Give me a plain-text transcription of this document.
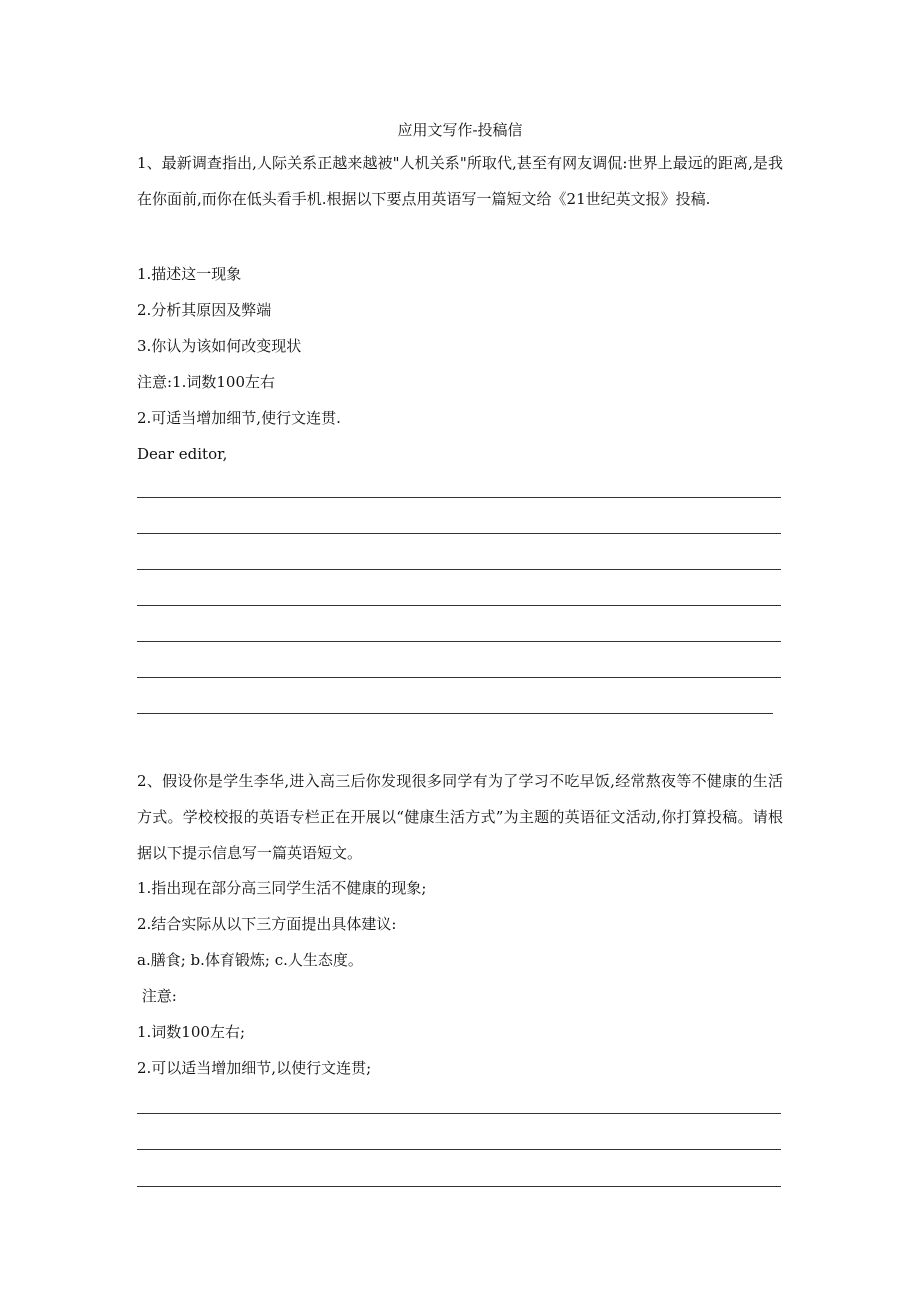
应用文写作-投稿信
1、最新调查指出,人际关系正越来越被"人机关系"所取代,甚至有网友调侃:世界上最远的距离,是我在你面前,而你在低头看手机.根据以下要点用英语写一篇短文给《21世纪英文报》投稿.
1.描述这一现象
2.分析其原因及弊端
3.你认为该如何改变现状
注意:1.词数100左右
2.可适当增加细节,使行文连贯.
Dear editor,
2、假设你是学生李华,进入高三后你发现很多同学有为了学习不吃早饭,经常熬夜等不健康的生活方式。学校校报的英语专栏正在开展以“健康生活方式”为主题的英语征文活动,你打算投稿。请根据以下提示信息写一篇英语短文。
1.指出现在部分高三同学生活不健康的现象;
2.结合实际从以下三方面提出具体建议:
a.膳食; b.体育锻炼; c.人生态度。
注意:
1.词数100左右;
2.可以适当增加细节,以使行文连贯;
